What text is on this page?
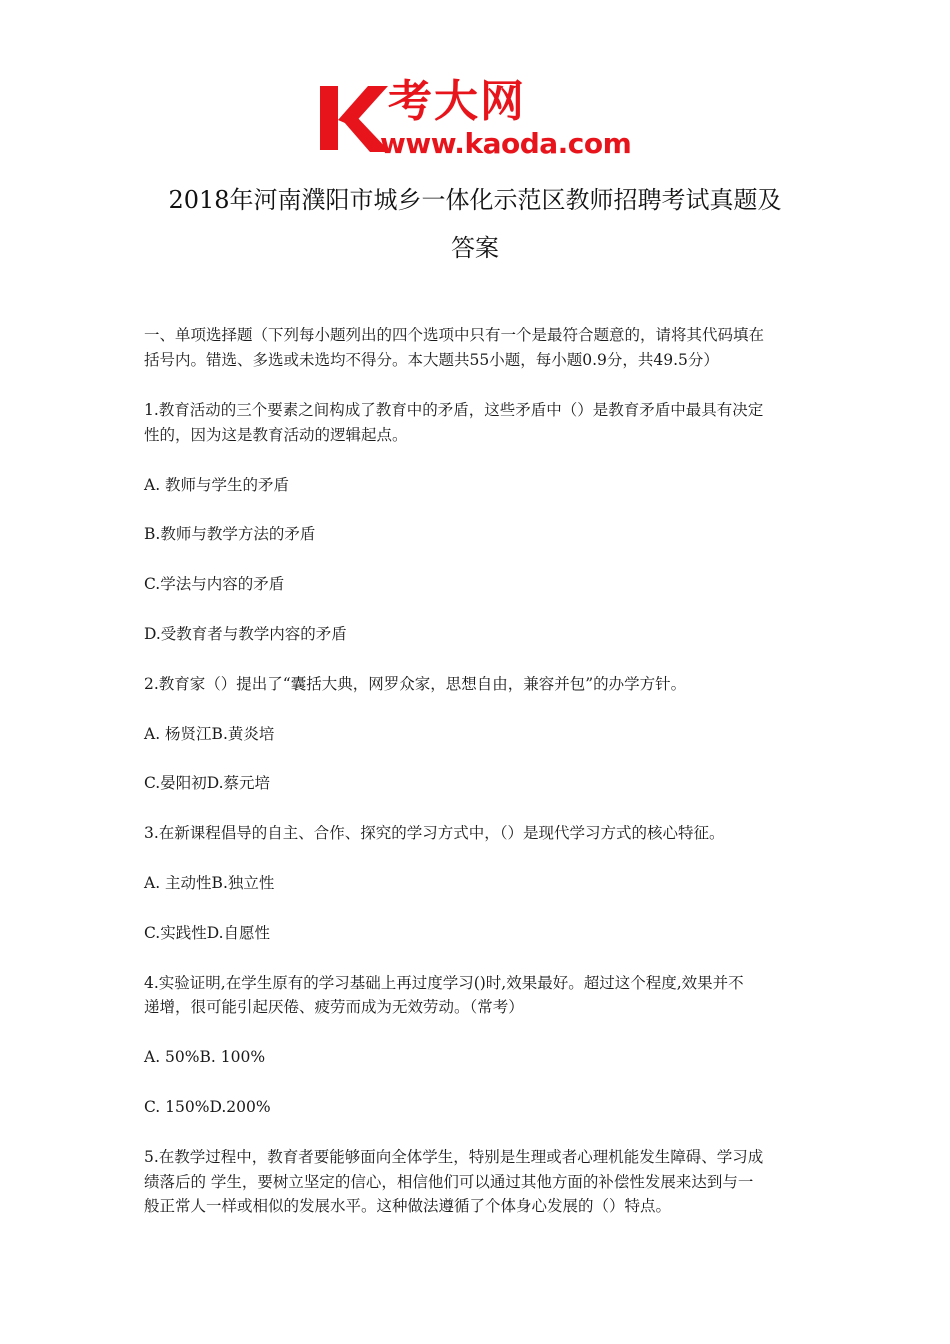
考大网
www.kaoda.com
2018年河南濮阳市城乡一体化示范区教师招聘考试真题及
答案

一、单项选择题（下列每小题列出的四个选项中只有一个是最符合题意的，请将其代码填在

括号内。错选、多选或未选均不得分。本大题共55小题，每小题0.9分，共49.5分）

1.教育活动的三个要素之间构成了教育中的矛盾，这些矛盾中（）是教育矛盾中最具有决定

性的，因为这是教育活动的逻辑起点。

A. 教师与学生的矛盾

B.教师与教学方法的矛盾

C.学法与内容的矛盾

D.受教育者与教学内容的矛盾

2.教育家（）提出了“囊括大典，网罗众家，思想自由，兼容并包”的办学方针。

A. 杨贤江B.黄炎培

C.晏阳初D.蔡元培

3.在新课程倡导的自主、合作、探究的学习方式中，（）是现代学习方式的核心特征。

A. 主动性B.独立性

C.实践性D.自愿性

4.实验证明,在学生原有的学习基础上再过度学习()时,效果最好。超过这个程度,效果并不

递增，很可能引起厌倦、疲劳而成为无效劳动。（常考）

A. 50%B. 100%

C. 150%D.200%

5.在教学过程中，教育者要能够面向全体学生，特别是生理或者心理机能发生障碍、学习成

绩落后的 学生，要树立坚定的信心，相信他们可以通过其他方面的补偿性发展来达到与一

般正常人一样或相似的发展水平。这种做法遵循了个体身心发展的（）特点。
